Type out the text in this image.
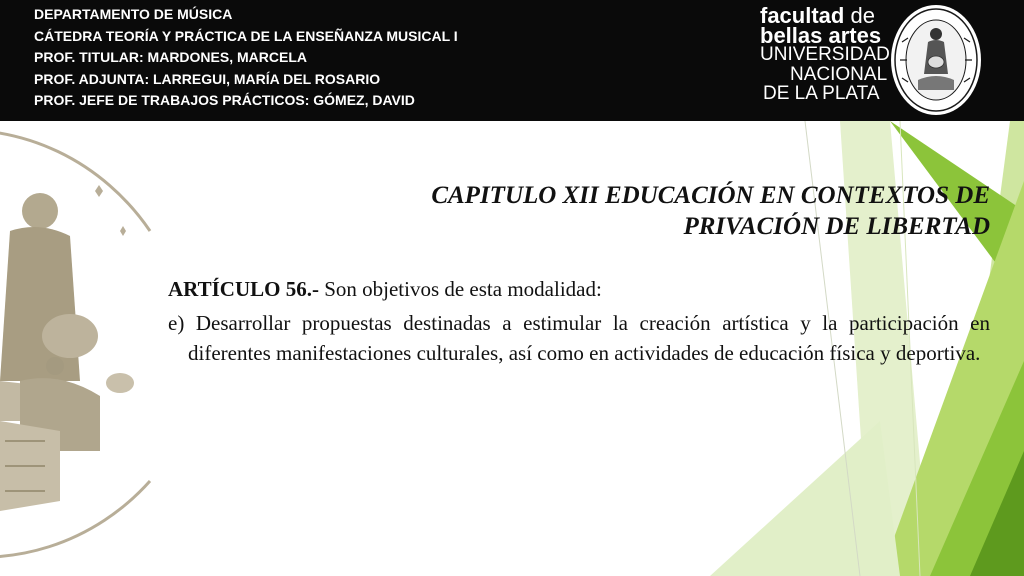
DEPARTAMENTO DE MÚSICA
CÁTEDRA TEORÍA Y PRÁCTICA DE LA ENSEÑANZA MUSICAL I
PROF. TITULAR: MARDONES, MARCELA
PROF. ADJUNTA: LARREGUI, MARÍA DEL ROSARIO
PROF. JEFE DE TRABAJOS PRÁCTICOS: GÓMEZ, DAVID
facultad de
bellas artes
UNIVERSIDAD
NACIONAL
DE LA PLATA
CAPITULO XII EDUCACIÓN EN CONTEXTOS DE
PRIVACIÓN DE LIBERTAD
ARTÍCULO 56.- Son objetivos de esta modalidad:
e) Desarrollar propuestas destinadas a estimular la creación artística y la participación en diferentes manifestaciones culturales, así como en actividades de educación física y deportiva.
